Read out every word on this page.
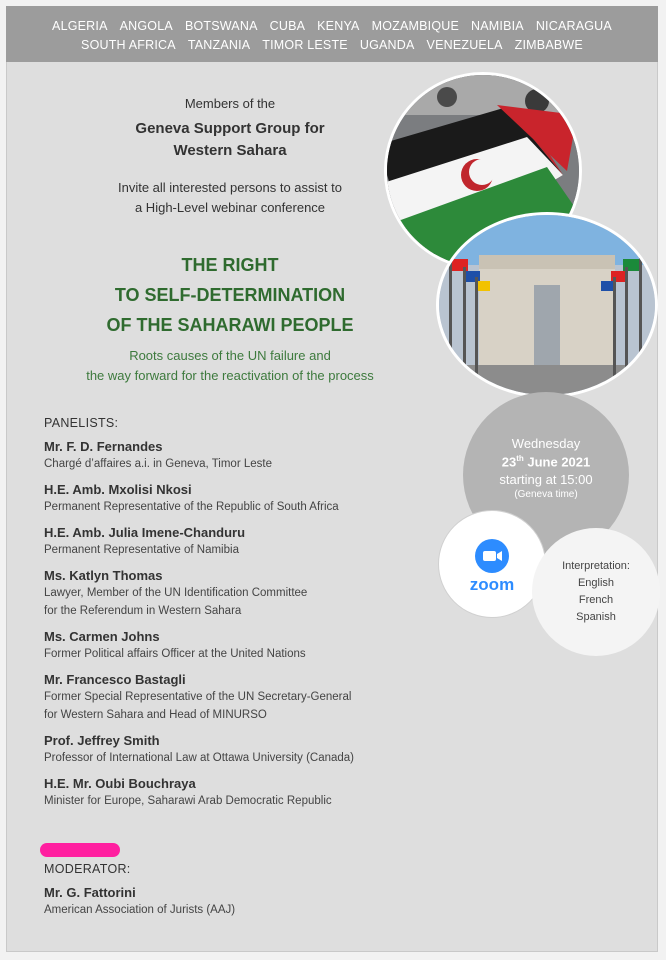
ALGERIA ANGOLA BOTSWANA CUBA KENYA MOZAMBIQUE NAMIBIA NICARAGUA
SOUTH AFRICA TANZANIA TIMOR LESTE UGANDA VENEZUELA ZIMBABWE
Members of the
Geneva Support Group for
Western Sahara
Invite all interested persons to assist to
a High-Level webinar conference
THE RIGHT
TO SELF-DETERMINATION
OF THE SAHARAWI PEOPLE
Roots causes of the UN failure and
the way forward for the reactivation of the process
Wednesday
23th June 2021
starting at 15:00
(Geneva time)
zoom
Interpretation:
English
French
Spanish
PANELISTS:
Mr. F. D. Fernandes
Chargé d’affaires a.i. in Geneva, Timor Leste
H.E. Amb. Mxolisi Nkosi
Permanent Representative of the Republic of South Africa
H.E. Amb. Julia Imene-Chanduru
Permanent Representative of Namibia
Ms. Katlyn Thomas
Lawyer, Member of the UN Identification Committee
for the Referendum in Western Sahara
Ms. Carmen Johns
Former Political affairs Officer at the United Nations
Mr. Francesco Bastagli
Former Special Representative of the UN Secretary-General
for Western Sahara and Head of MINURSO
Prof. Jeffrey Smith
Professor of International Law at Ottawa University (Canada)
H.E. Mr. Oubi Bouchraya
Minister for Europe, Saharawi Arab Democratic Republic
MODERATOR:
Mr. G. Fattorini
American Association of Jurists (AAJ)
